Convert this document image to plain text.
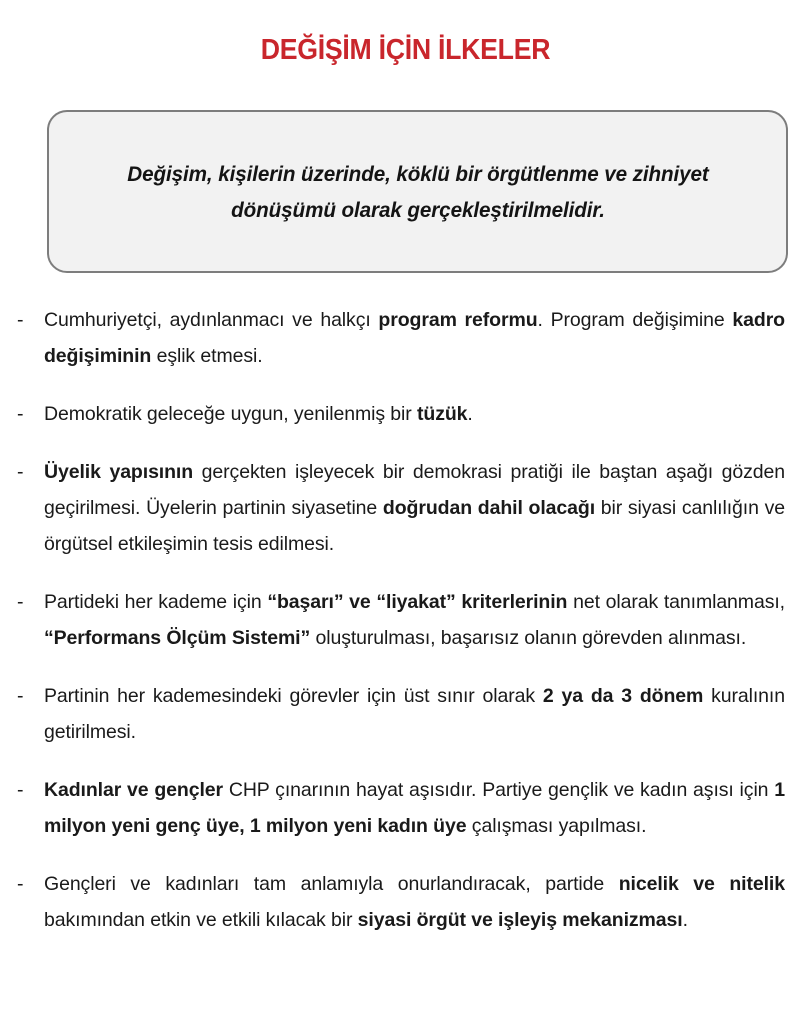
DEĞİŞİM İÇİN İLKELER
Değişim, kişilerin üzerinde, köklü bir örgütlenme ve zihniyet dönüşümü olarak gerçekleştirilmelidir.
- Cumhuriyetçi, aydınlanmacı ve halkçı program reformu. Program değişimine kadro değişiminin eşlik etmesi.
- Demokratik geleceğe uygun, yenilenmiş bir tüzük.
- Üyelik yapısının gerçekten işleyecek bir demokrasi pratiği ile baştan aşağı gözden geçirilmesi. Üyelerin partinin siyasetine doğrudan dahil olacağı bir siyasi canlılığın ve örgütsel etkileşimin tesis edilmesi.
- Partideki her kademe için “başarı” ve “liyakat” kriterlerinin net olarak tanımlanması, “Performans Ölçüm Sistemi” oluşturulması, başarısız olanın görevden alınması.
- Partinin her kademesindeki görevler için üst sınır olarak 2 ya da 3 dönem kuralının getirilmesi.
- Kadınlar ve gençler CHP çınarının hayat aşısıdır. Partiye gençlik ve kadın aşısı için 1 milyon yeni genç üye, 1 milyon yeni kadın üye çalışması yapılması.
- Gençleri ve kadınları tam anlamıyla onurlandıracak, partide nicelik ve nitelik bakımından etkin ve etkili kılacak bir siyasi örgüt ve işleyiş mekanizması.
